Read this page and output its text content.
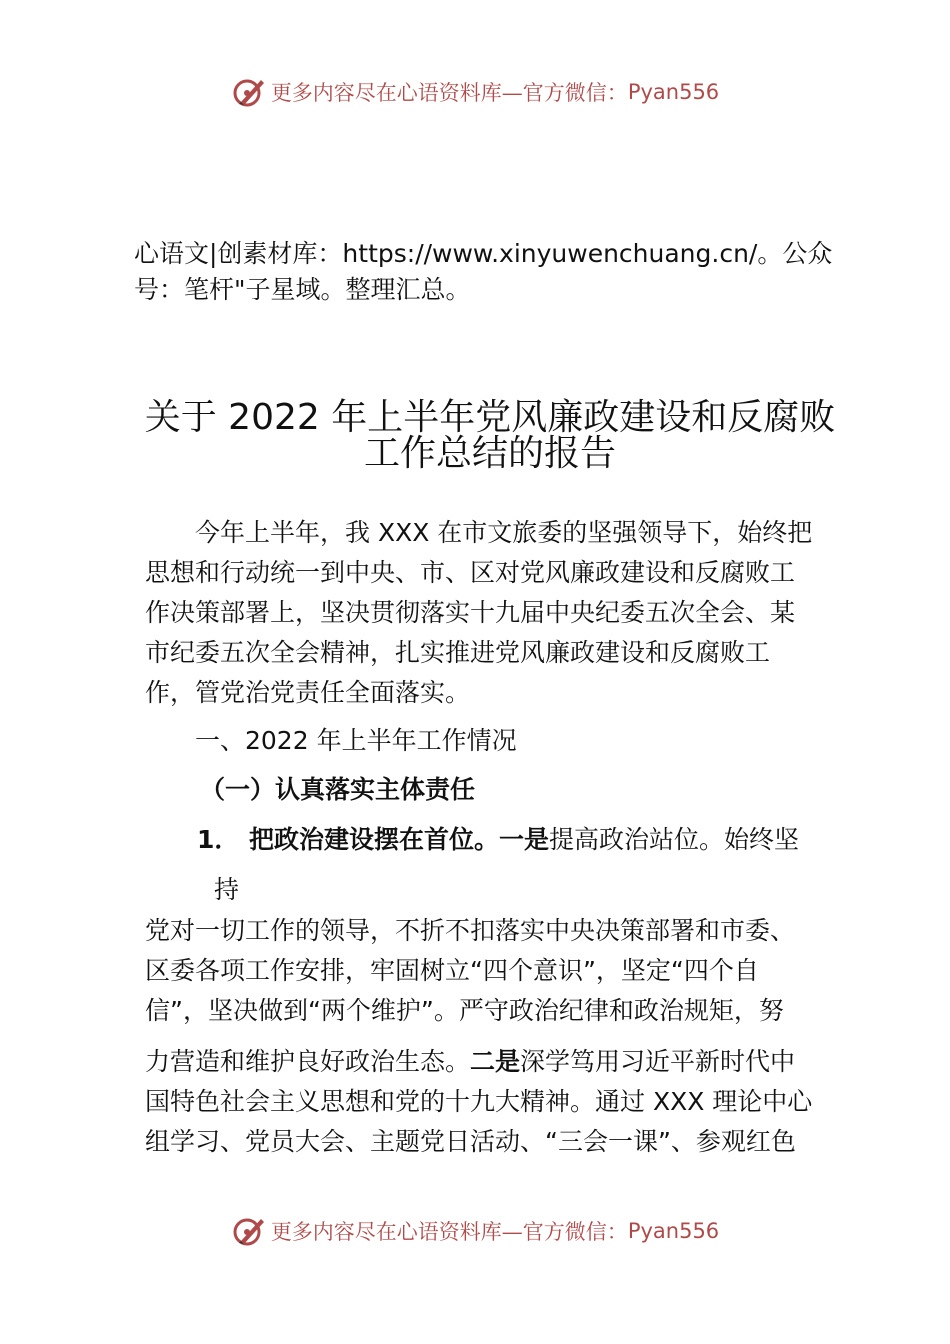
更多内容尽在心语资料库—官方微信： Pyan556
心语文|创素材库：https://www.xinyuwenchuang.cn/。公众号：笔杆"子星域。整理汇总。
关于 2022 年上半年党风廉政建设和反腐败
工作总结的报告
今年上半年，我 XXX 在市文旅委的坚强领导下，始终把思想和行动统一到中央、市、区对党风廉政建设和反腐败工作决策部署上，坚决贯彻落实十九届中央纪委五次全会、某市纪委五次全会精神，扎实推进党风廉政建设和反腐败工作，管党治党责任全面落实。
一、2022 年上半年工作情况
（一）认真落实主体责任
1． 把政治建设摆在首位。一是提高政治站位。始终坚
持
党对一切工作的领导，不折不扣落实中央决策部署和市委、区委各项工作安排，牢固树立“四个意识”，坚定“四个自信”，坚决做到“两个维护”。严守政治纪律和政治规矩，努
力营造和维护良好政治生态。二是深学笃用习近平新时代中国特色社会主义思想和党的十九大精神。通过 XXX 理论中心组学习、党员大会、主题党日活动、“三会一课”、参观红色
更多内容尽在心语资料库—官方微信： Pyan556
